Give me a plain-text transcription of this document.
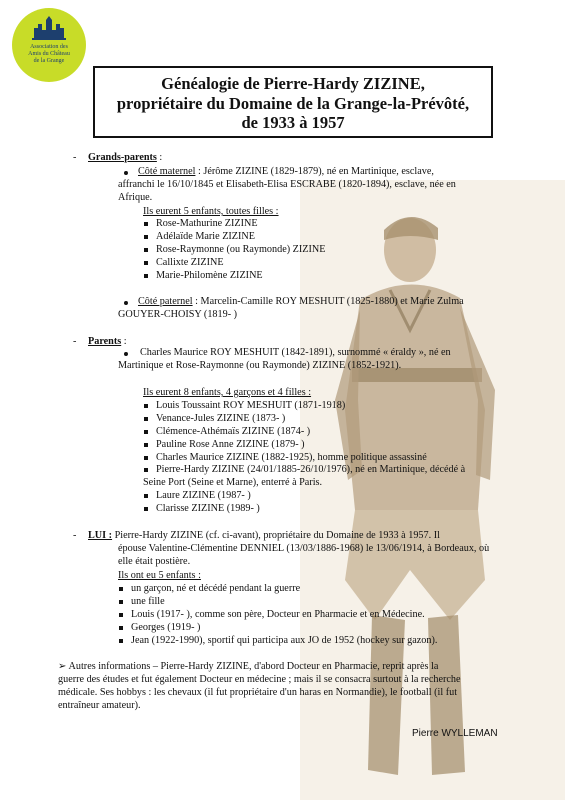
Association des
Amis du Château
de la Grange
Généalogie de Pierre-Hardy ZIZINE,
propriétaire du Domaine de la Grange-la-Prévôté,
de 1933 à 1957
- Grands-parents :
Côté maternel : Jérôme ZIZINE (1829-1879), né en Martinique, esclave,
affranchi le 16/10/1845 et Elisabeth-Elisa ESCRABE (1820-1894), esclave, née en
Afrique.
Ils eurent 5 enfants, toutes filles :
Rose-Mathurine ZIZINE
Adélaïde Marie ZIZINE
Rose-Raymonne (ou Raymonde) ZIZINE
Callixte ZIZINE
Marie-Philomène ZIZINE
Côté paternel : Marcelin-Camille ROY MESHUIT (1825-1880) et Marie Zulma
GOUYER-CHOISY (1819- )
- Parents :
Charles Maurice ROY MESHUIT (1842-1891), surnommé « éraldy », né en
Martinique et Rose-Raymonne (ou Raymonde) ZIZINE (1852-1921).
Ils eurent 8 enfants, 4 garçons et 4 filles :
Louis Toussaint ROY MESHUIT (1871-1918)
Venance-Jules ZIZINE (1873- )
Clémence-Athémaïs ZIZINE (1874- )
Pauline Rose Anne ZIZINE (1879- )
Charles Maurice ZIZINE (1882-1925), homme politique assassiné
Pierre-Hardy ZIZINE (24/01/1885-26/10/1976), né en Martinique, décédé à
Seine Port (Seine et Marne), enterré à Paris.
Laure ZIZINE (1987- )
Clarisse ZIZINE (1989- )
- LUI : Pierre-Hardy ZIZINE (cf. ci-avant), propriétaire du Domaine de 1933 à 1957. Il
épouse Valentine-Clémentine DENNIEL (13/03/1886-1968) le 13/06/1914, à Bordeaux, où
elle était postière.
Ils ont eu 5 enfants :
un garçon, né et décédé pendant la guerre
une fille
Louis (1917- ), comme son père, Docteur en Pharmacie et en Médecine.
Georges (1919- )
Jean (1922-1990), sportif qui participa aux JO de 1952 (hockey sur gazon).
➢ Autres informations – Pierre-Hardy ZIZINE, d'abord Docteur en Pharmacie, reprit après la
guerre des études et fut également Docteur en médecine ; mais il se consacra surtout à la recherche
médicale. Ses hobbys : les chevaux (il fut propriétaire d'un haras en Normandie), le football (il fut
entraîneur amateur).
Pierre WYLLEMAN
